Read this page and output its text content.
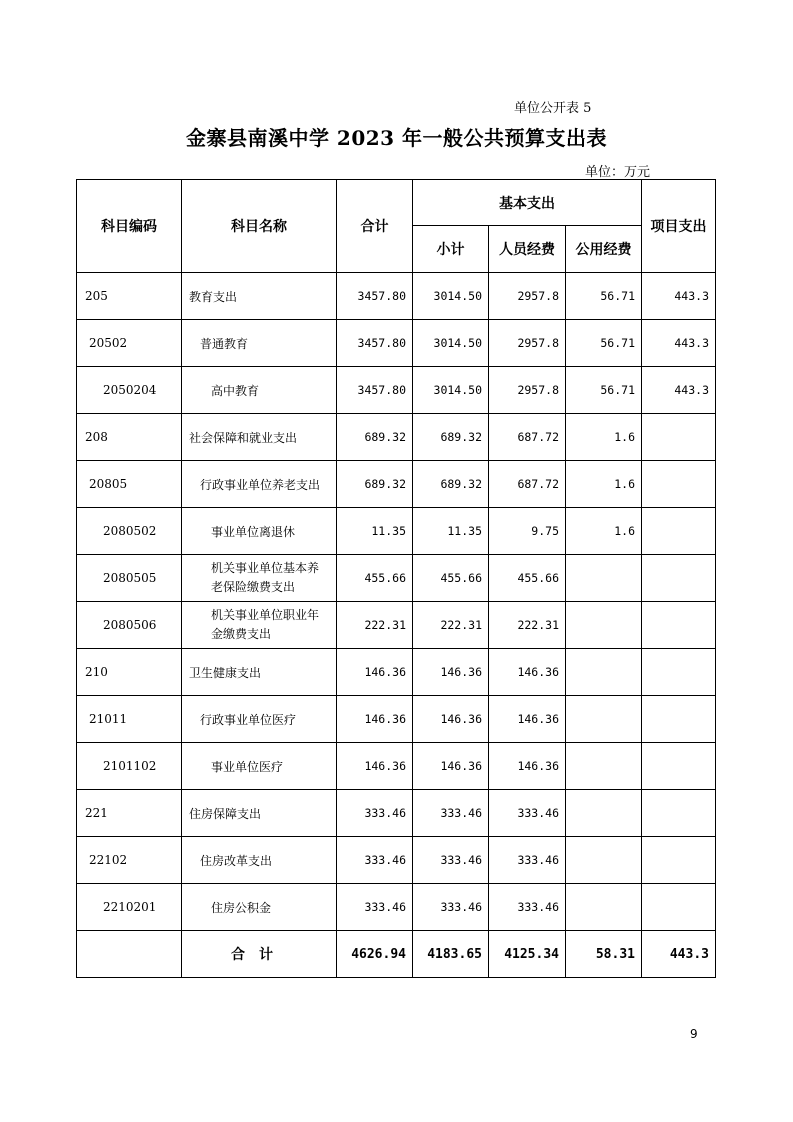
单位公开表 5
金寨县南溪中学 2023 年一般公共预算支出表
单位：万元
科目编码	科目名称	合计	基本支出			项目支出
			小计	人员经费	公用经费	
205	教育支出	3457.80	3014.50	2957.8	56.71	443.3
20502	普通教育	3457.80	3014.50	2957.8	56.71	443.3
2050204	高中教育	3457.80	3014.50	2957.8	56.71	443.3
208	社会保障和就业支出	689.32	689.32	687.72	1.6	
20805	行政事业单位养老支出	689.32	689.32	687.72	1.6	
2080502	事业单位离退休	11.35	11.35	9.75	1.6	
2080505	机关事业单位基本养老保险缴费支出	455.66	455.66	455.66		
2080506	机关事业单位职业年金缴费支出	222.31	222.31	222.31		
210	卫生健康支出	146.36	146.36	146.36		
21011	行政事业单位医疗	146.36	146.36	146.36		
2101102	事业单位医疗	146.36	146.36	146.36		
221	住房保障支出	333.46	333.46	333.46		
22102	住房改革支出	333.46	333.46	333.46		
2210201	住房公积金	333.46	333.46	333.46		
	合计	4626.94	4183.65	4125.34	58.31	443.3
9
